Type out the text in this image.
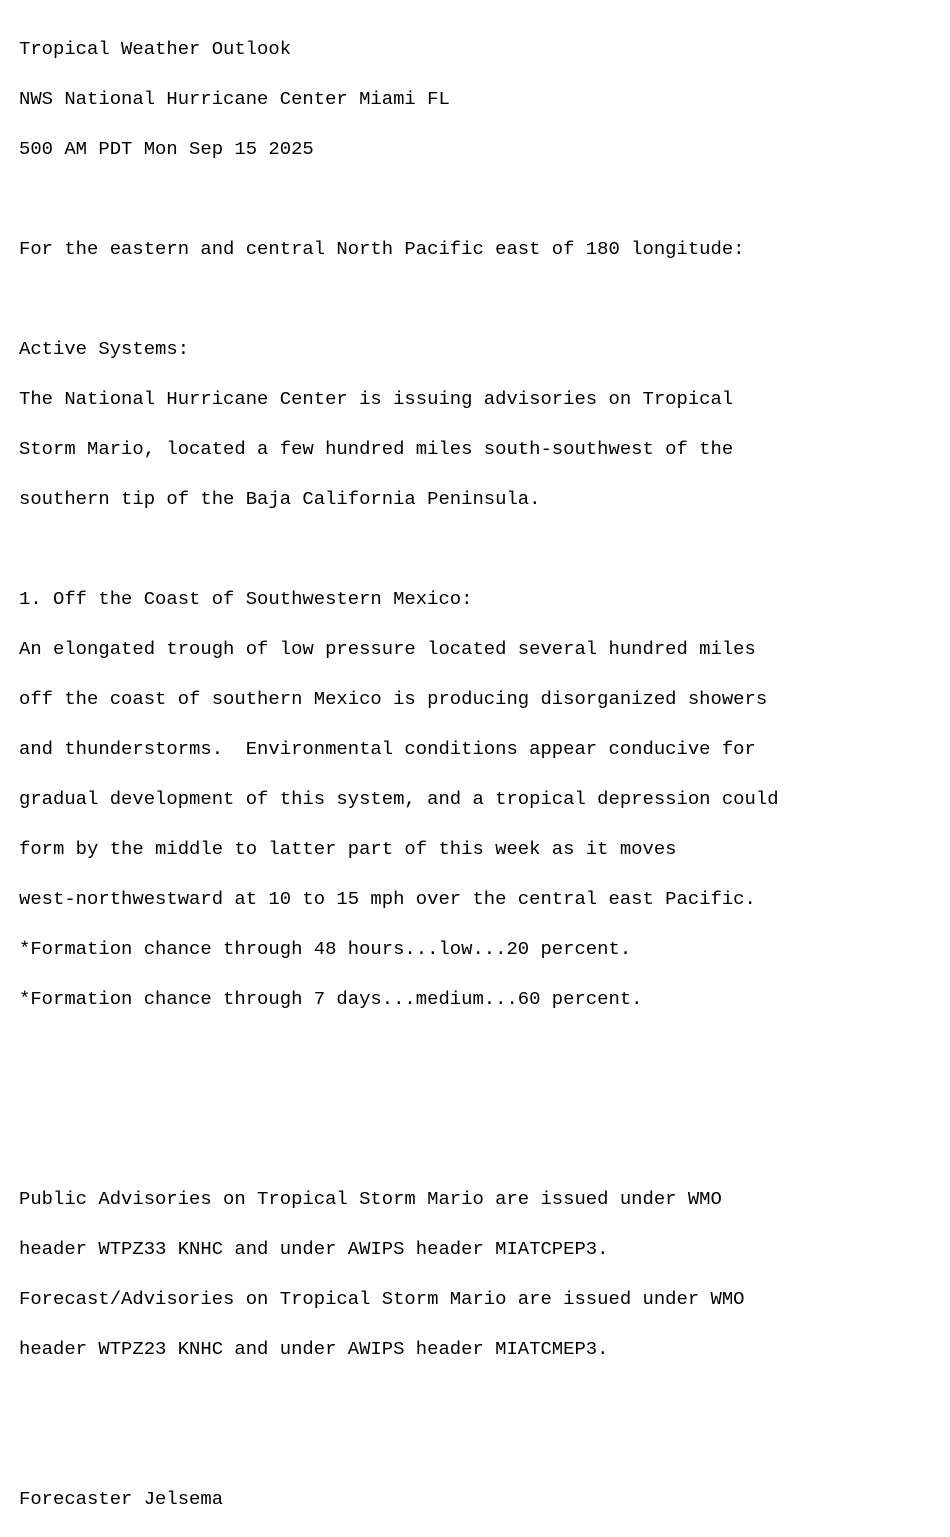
Tropical Weather Outlook

NWS National Hurricane Center Miami FL

500 AM PDT Mon Sep 15 2025

For the eastern and central North Pacific east of 180 longitude:

Active Systems:

The National Hurricane Center is issuing advisories on Tropical

Storm Mario, located a few hundred miles south-southwest of the

southern tip of the Baja California Peninsula.

1. Off the Coast of Southwestern Mexico:

An elongated trough of low pressure located several hundred miles

off the coast of southern Mexico is producing disorganized showers

and thunderstorms.  Environmental conditions appear conducive for

gradual development of this system, and a tropical depression could

form by the middle to latter part of this week as it moves

west-northwestward at 10 to 15 mph over the central east Pacific.

*Formation chance through 48 hours...low...20 percent.

*Formation chance through 7 days...medium...60 percent.

Public Advisories on Tropical Storm Mario are issued under WMO

header WTPZ33 KNHC and under AWIPS header MIATCPEP3.

Forecast/Advisories on Tropical Storm Mario are issued under WMO

header WTPZ23 KNHC and under AWIPS header MIATCMEP3.

Forecaster Jelsema
